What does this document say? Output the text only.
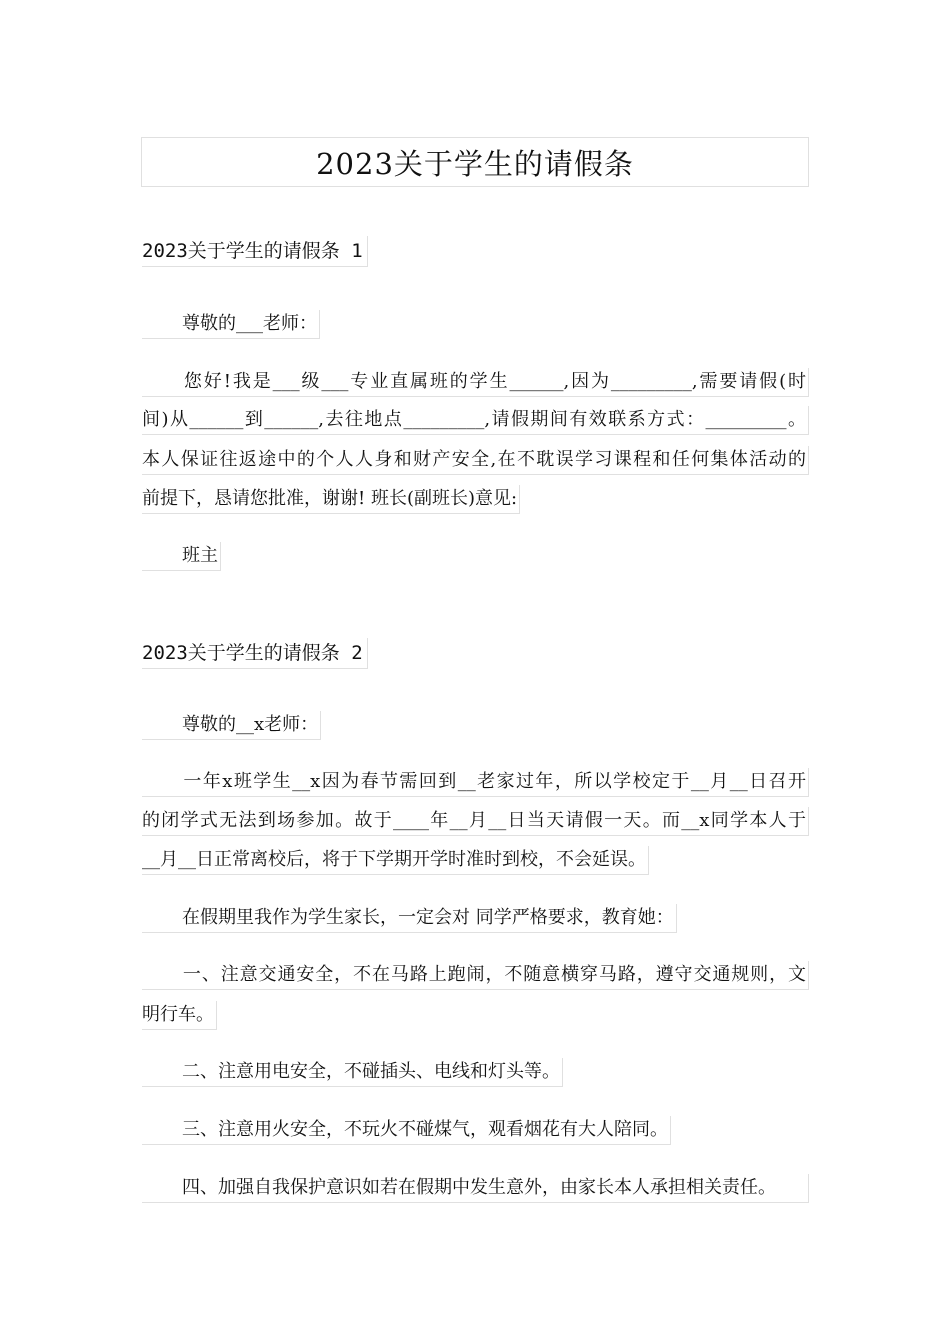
2023关于学生的请假条
2023关于学生的请假条 1
尊敬的___老师：
您好!我是___级___专业直属班的学生______,因为_________,需要请假(时
间)从______到______,去往地点_________,请假期间有效联系方式：_________。
本人保证往返途中的个人人身和财产安全,在不耽误学习课程和任何集体活动的
前提下，恳请您批准，谢谢! 班长(副班长)意见:
班主
2023关于学生的请假条 2
尊敬的__x老师：
一年x班学生__x因为春节需回到__老家过年，所以学校定于__月__日召开
的闭学式无法到场参加。故于____年__月__日当天请假一天。而__x同学本人于
__月__日正常离校后，将于下学期开学时准时到校，不会延误。
在假期里我作为学生家长，一定会对 同学严格要求，教育她：
一、注意交通安全，不在马路上跑闹，不随意横穿马路，遵守交通规则，文
明行车。
二、注意用电安全，不碰插头、电线和灯头等。
三、注意用火安全，不玩火不碰煤气，观看烟花有大人陪同。
四、加强自我保护意识如若在假期中发生意外，由家长本人承担相关责任。
